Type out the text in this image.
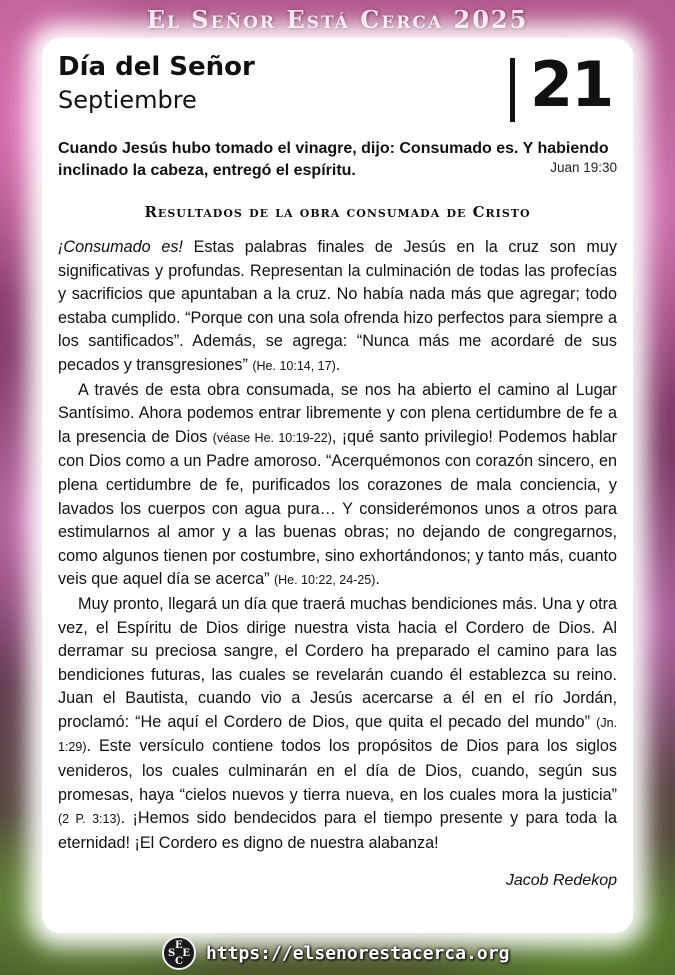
El Señor Está Cerca 2025
Día del Señor
Septiembre	21
Cuando Jesús hubo tomado el vinagre, dijo: Consumado es. Y habiendo inclinado la cabeza, entregó el espíritu.	Juan 19:30
Resultados de la obra consumada de Cristo

¡Consumado es! Estas palabras finales de Jesús en la cruz son muy significativas y profundas. Representan la culminación de todas las profecías y sacrificios que apuntaban a la cruz. No había nada más que agregar; todo estaba cumplido. “Porque con una sola ofrenda hizo perfectos para siempre a los santificados”. Además, se agrega: “Nunca más me acordaré de sus pecados y transgresiones” (He. 10:14, 17).

A través de esta obra consumada, se nos ha abierto el camino al Lugar Santísimo. Ahora podemos entrar libremente y con plena certidumbre de fe a la presencia de Dios (véase He. 10:19-22), ¡qué santo privilegio! Podemos hablar con Dios como a un Padre amoroso. “Acerquémonos con corazón sincero, en plena certidumbre de fe, purificados los corazones de mala conciencia, y lavados los cuerpos con agua pura… Y considerémonos unos a otros para estimularnos al amor y a las buenas obras; no dejando de congregarnos, como algunos tienen por costumbre, sino exhortándonos; y tanto más, cuanto veis que aquel día se acerca” (He. 10:22, 24-25).

Muy pronto, llegará un día que traerá muchas bendiciones más. Una y otra vez, el Espíritu de Dios dirige nuestra vista hacia el Cordero de Dios. Al derramar su preciosa sangre, el Cordero ha preparado el camino para las bendiciones futuras, las cuales se revelarán cuando él establezca su reino. Juan el Bautista, cuando vio a Jesús acercarse a él en el río Jordán, proclamó: “He aquí el Cordero de Dios, que quita el pecado del mundo” (Jn. 1:29). Este versículo contiene todos los propósitos de Dios para los siglos venideros, los cuales culminarán en el día de Dios, cuando, según sus promesas, haya “cielos nuevos y tierra nueva, en los cuales mora la justicia” (2 P. 3:13). ¡Hemos sido bendecidos para el tiempo presente y para toda la eternidad! ¡El Cordero es digno de nuestra alabanza!

Jacob Redekop
E
S E
C https://elsenorestacerca.org
